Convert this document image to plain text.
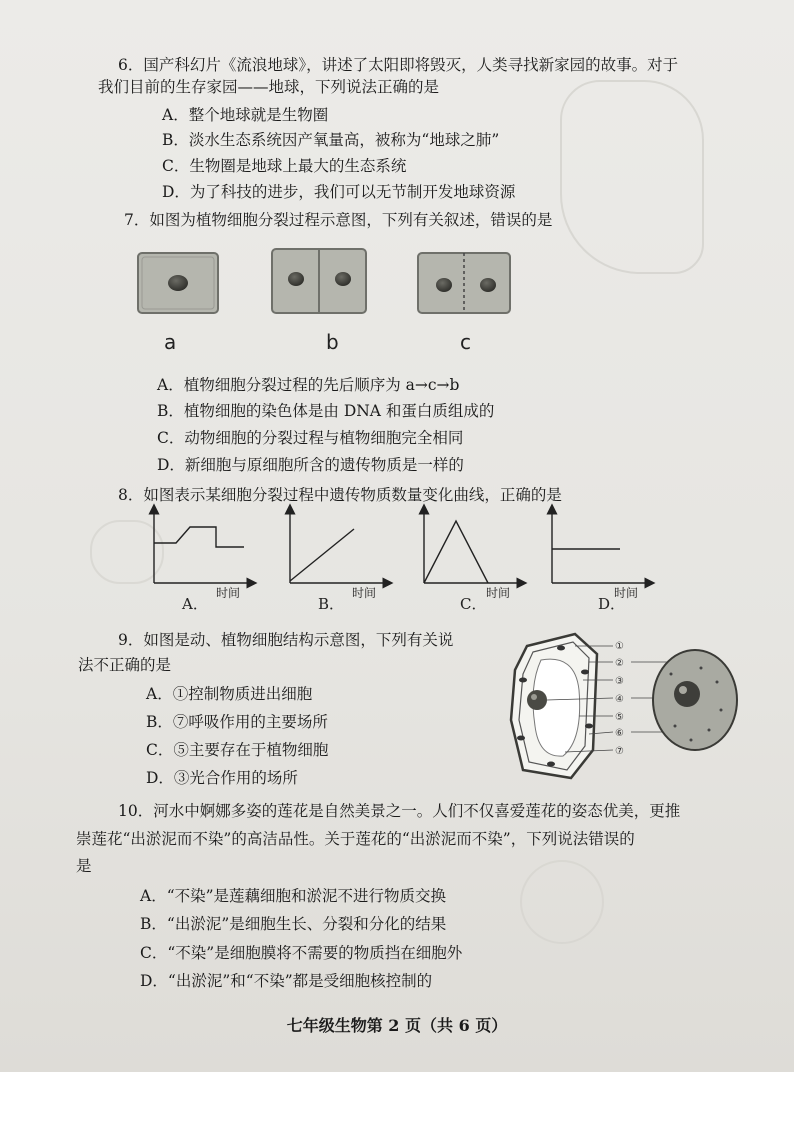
6．国产科幻片《流浪地球》，讲述了太阳即将毁灭，人类寻找新家园的故事。对于
我们目前的生存家园——地球，下列说法正确的是
A．整个地球就是生物圈
B．淡水生态系统因产氧量高，被称为“地球之肺”
C．生物圈是地球上最大的生态系统
D．为了科技的进步，我们可以无节制开发地球资源
7．如图为植物细胞分裂过程示意图，下列有关叙述，错误的是
a	b	c
A．植物细胞分裂过程的先后顺序为 a→c→b
B．植物细胞的染色体是由 DNA 和蛋白质组成的
C．动物细胞的分裂过程与植物细胞完全相同
D．新细胞与原细胞所含的遗传物质是一样的
8．如图表示某细胞分裂过程中遗传物质数量变化曲线，正确的是
时间
A．
时间
B．
时间
C．
时间
D．
9．如图是动、植物细胞结构示意图，下列有关说
法不正确的是
A．①控制物质进出细胞
B．⑦呼吸作用的主要场所
C．⑤主要存在于植物细胞
D．③光合作用的场所
①
②
③
④
⑤
⑥
⑦
10．河水中婀娜多姿的莲花是自然美景之一。人们不仅喜爱莲花的姿态优美，更推
崇莲花“出淤泥而不染”的高洁品性。关于莲花的“出淤泥而不染”，下列说法错误的
是
A．“不染”是莲藕细胞和淤泥不进行物质交换
B．“出淤泥”是细胞生长、分裂和分化的结果
C．“不染”是细胞膜将不需要的物质挡在细胞外
D．“出淤泥”和“不染”都是受细胞核控制的
七年级生物第 2 页（共 6 页）
